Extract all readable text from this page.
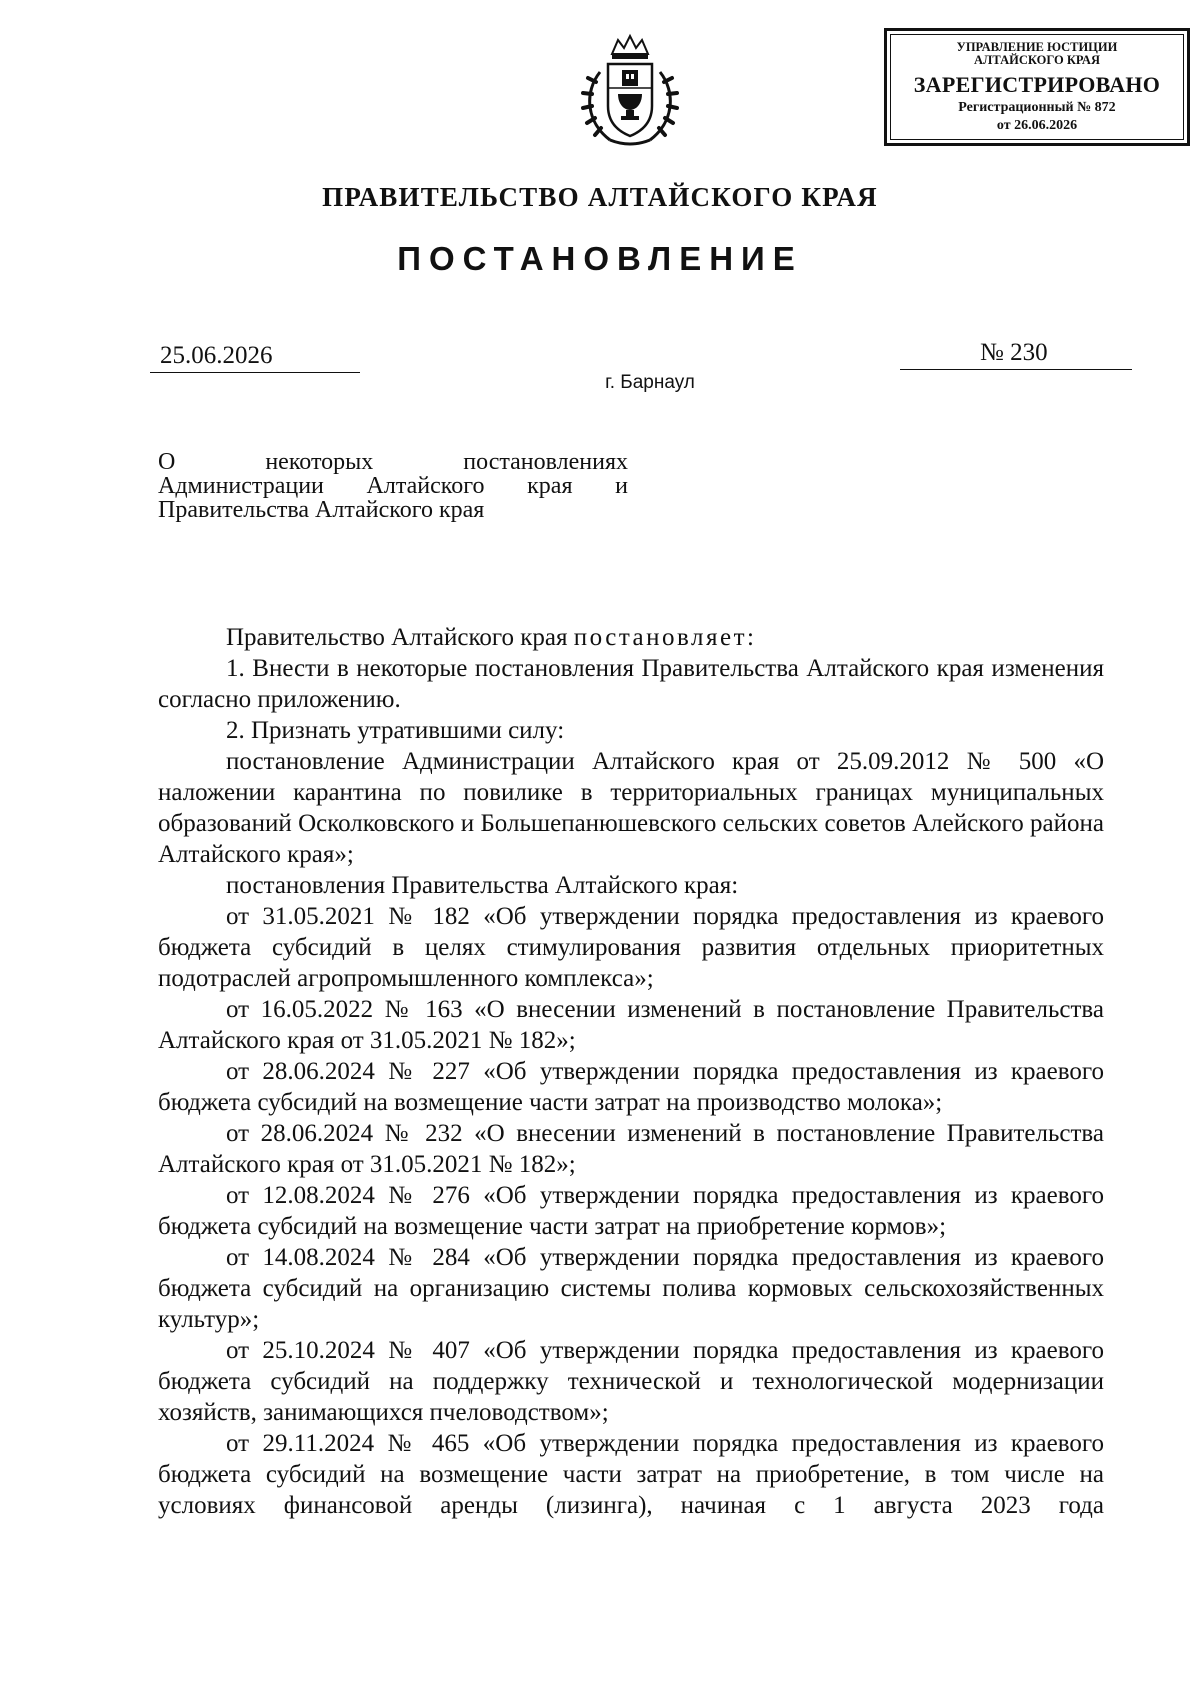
УПРАВЛЕНИЕ ЮСТИЦИИ
АЛТАЙСКОГО КРАЯ
ЗАРЕГИСТРИРОВАНО
Регистрационный № 872
от 26.06.2026
ПРАВИТЕЛЬСТВО АЛТАЙСКОГО КРАЯ
ПОСТАНОВЛЕНИЕ
25.06.2026	№ 230
г. Барнаул
О некоторых постановлениях
Администрации Алтайского края и
Правительства Алтайского края

Правительство Алтайского края постановляет:

1. Внести в некоторые постановления Правительства Алтайского края изменения согласно приложению.

2. Признать утратившими силу:

постановление Администрации Алтайского края от 25.09.2012 № 500 «О наложении карантина по повилике в территориальных границах муниципальных образований Осколковского и Большепанюшевского сельских советов Алейского района Алтайского края»;

постановления Правительства Алтайского края:

от 31.05.2021 № 182 «Об утверждении порядка предоставления из краевого бюджета субсидий в целях стимулирования развития отдельных приоритетных подотраслей агропромышленного комплекса»;

от 16.05.2022 № 163 «О внесении изменений в постановление Правительства Алтайского края от 31.05.2021 № 182»;

от 28.06.2024 № 227 «Об утверждении порядка предоставления из краевого бюджета субсидий на возмещение части затрат на производство молока»;

от 28.06.2024 № 232 «О внесении изменений в постановление Правительства Алтайского края от 31.05.2021 № 182»;

от 12.08.2024 № 276 «Об утверждении порядка предоставления из краевого бюджета субсидий на возмещение части затрат на приобретение кормов»;

от 14.08.2024 № 284 «Об утверждении порядка предоставления из краевого бюджета субсидий на организацию системы полива кормовых сельскохозяйственных культур»;

от 25.10.2024 № 407 «Об утверждении порядка предоставления из краевого бюджета субсидий на поддержку технической и технологической модернизации хозяйств, занимающихся пчеловодством»;

от 29.11.2024 № 465 «Об утверждении порядка предоставления из краевого бюджета субсидий на возмещение части затрат на приобретение, в том числе на условиях финансовой аренды (лизинга), начиная с 1 августа 2023 года
